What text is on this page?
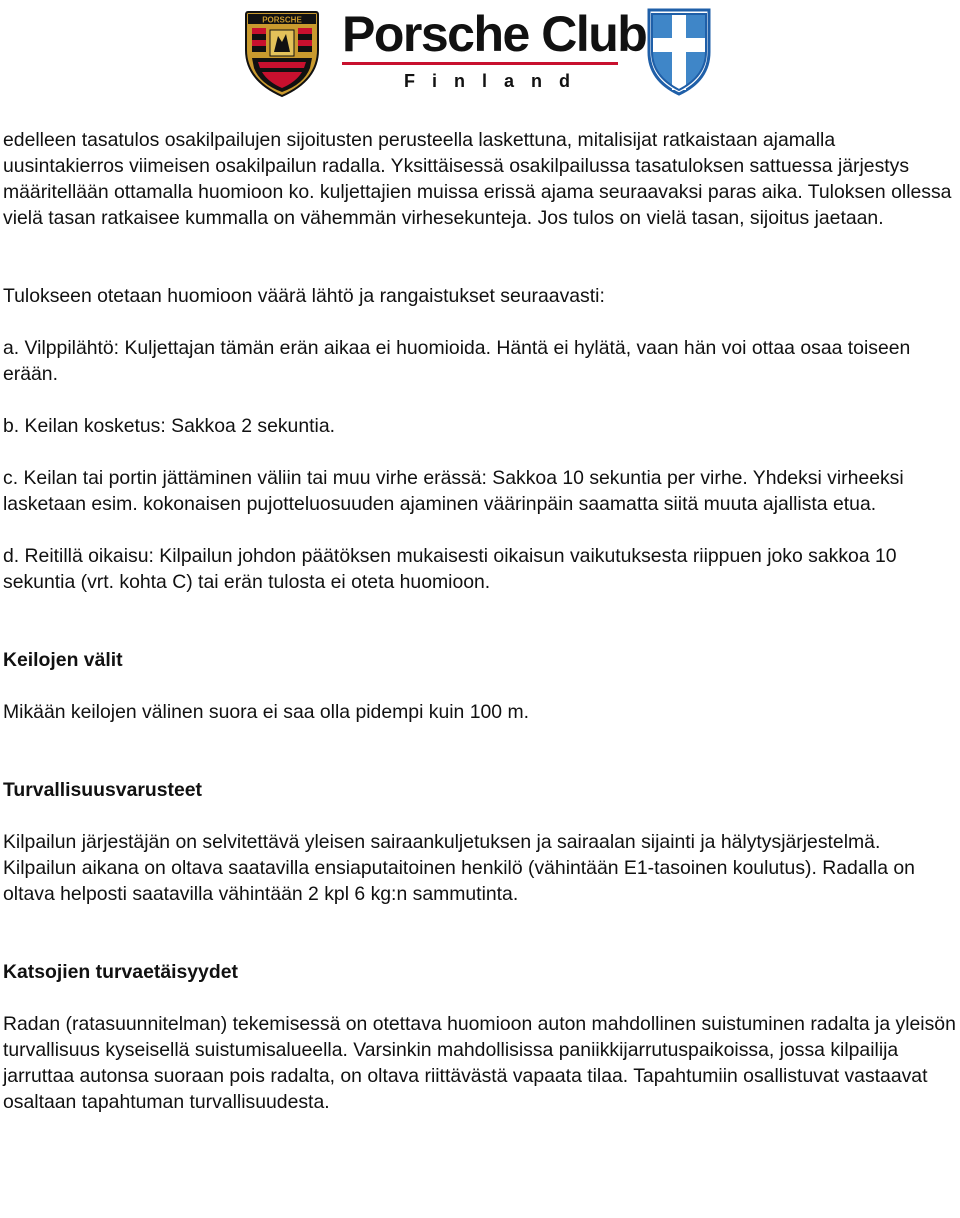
PORSCHE Porsche Club
Finland

edelleen tasatulos osakilpailujen sijoitusten perusteella laskettuna, mitalisijat ratkaistaan ajamalla uusintakierros viimeisen osakilpailun radalla. Yksittäisessä osakilpailussa tasatuloksen sattuessa järjestys määritellään ottamalla huomioon ko. kuljettajien muissa erissä ajama seuraavaksi paras aika. Tuloksen ollessa vielä tasan ratkaisee kummalla on vähemmän virhesekunteja. Jos tulos on vielä tasan, sijoitus jaetaan.

Tulokseen otetaan huomioon väärä lähtö ja rangaistukset seuraavasti:

a. Vilppilähtö: Kuljettajan tämän erän aikaa ei huomioida. Häntä ei hylätä, vaan hän voi ottaa osaa toiseen erään.

b. Keilan kosketus: Sakkoa 2 sekuntia.

c. Keilan tai portin jättäminen väliin tai muu virhe erässä: Sakkoa 10 sekuntia per virhe. Yhdeksi virheeksi lasketaan esim. kokonaisen pujotteluosuuden ajaminen väärinpäin saamatta siitä muuta ajallista etua.

d. Reitillä oikaisu: Kilpailun johdon päätöksen mukaisesti oikaisun vaikutuksesta riippuen joko sakkoa 10 sekuntia (vrt. kohta C) tai erän tulosta ei oteta huomioon.

Keilojen välit

Mikään keilojen välinen suora ei saa olla pidempi kuin 100 m.

Turvallisuusvarusteet

Kilpailun järjestäjän on selvitettävä yleisen sairaankuljetuksen ja sairaalan sijainti ja hälytysjärjestelmä. Kilpailun aikana on oltava saatavilla ensiaputaitoinen henkilö (vähintään E1-tasoinen koulutus). Radalla on oltava helposti saatavilla vähintään 2 kpl 6 kg:n sammutinta.

Katsojien turvaetäisyydet

Radan (ratasuunnitelman) tekemisessä on otettava huomioon auton mahdollinen suistuminen radalta ja yleisön turvallisuus kyseisellä suistumisalueella. Varsinkin mahdollisissa paniikkijarrutuspaikoissa, jossa kilpailija jarruttaa autonsa suoraan pois radalta, on oltava riittävästä vapaata tilaa. Tapahtumiin osallistuvat vastaavat osaltaan tapahtuman turvallisuudesta.
